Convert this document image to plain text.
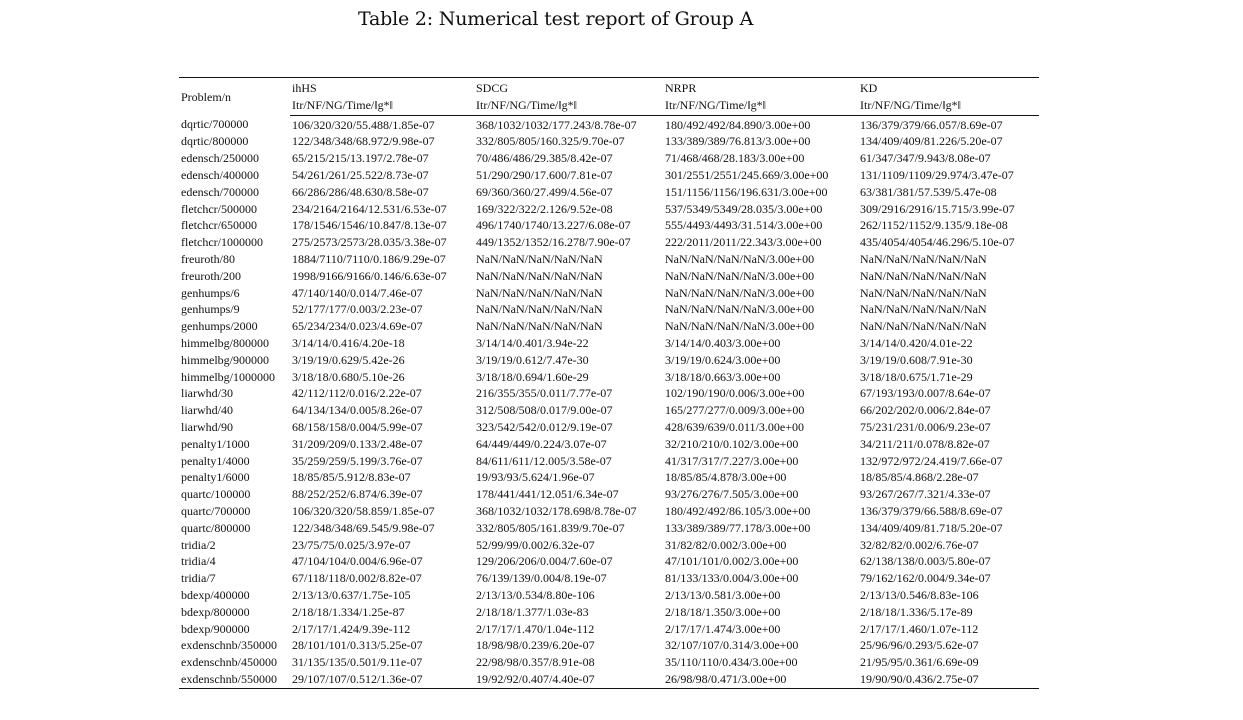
Table 2: Numerical test report of Group A
Problem/n	ihHS	SDCG	NRPR	KD
	Itr/NF/NG/Time/‖g*‖	Itr/NF/NG/Time/‖g*‖	Itr/NF/NG/Time/‖g*‖	Itr/NF/NG/Time/‖g*‖
dqrtic/700000	106/320/320/55.488/1.85e-07	368/1032/1032/177.243/8.78e-07	180/492/492/84.890/3.00e+00	136/379/379/66.057/8.69e-07
dqrtic/800000	122/348/348/68.972/9.98e-07	332/805/805/160.325/9.70e-07	133/389/389/76.813/3.00e+00	134/409/409/81.226/5.20e-07
edensch/250000	65/215/215/13.197/2.78e-07	70/486/486/29.385/8.42e-07	71/468/468/28.183/3.00e+00	61/347/347/9.943/8.08e-07
edensch/400000	54/261/261/25.522/8.73e-07	51/290/290/17.600/7.81e-07	301/2551/2551/245.669/3.00e+00	131/1109/1109/29.974/3.47e-07
edensch/700000	66/286/286/48.630/8.58e-07	69/360/360/27.499/4.56e-07	151/1156/1156/196.631/3.00e+00	63/381/381/57.539/5.47e-08
fletchcr/500000	234/2164/2164/12.531/6.53e-07	169/322/322/2.126/9.52e-08	537/5349/5349/28.035/3.00e+00	309/2916/2916/15.715/3.99e-07
fletchcr/650000	178/1546/1546/10.847/8.13e-07	496/1740/1740/13.227/6.08e-07	555/4493/4493/31.514/3.00e+00	262/1152/1152/9.135/9.18e-08
fletchcr/1000000	275/2573/2573/28.035/3.38e-07	449/1352/1352/16.278/7.90e-07	222/2011/2011/22.343/3.00e+00	435/4054/4054/46.296/5.10e-07
freuroth/80	1884/7110/7110/0.186/9.29e-07	NaN/NaN/NaN/NaN/NaN	NaN/NaN/NaN/NaN/3.00e+00	NaN/NaN/NaN/NaN/NaN
freuroth/200	1998/9166/9166/0.146/6.63e-07	NaN/NaN/NaN/NaN/NaN	NaN/NaN/NaN/NaN/3.00e+00	NaN/NaN/NaN/NaN/NaN
genhumps/6	47/140/140/0.014/7.46e-07	NaN/NaN/NaN/NaN/NaN	NaN/NaN/NaN/NaN/3.00e+00	NaN/NaN/NaN/NaN/NaN
genhumps/9	52/177/177/0.003/2.23e-07	NaN/NaN/NaN/NaN/NaN	NaN/NaN/NaN/NaN/3.00e+00	NaN/NaN/NaN/NaN/NaN
genhumps/2000	65/234/234/0.023/4.69e-07	NaN/NaN/NaN/NaN/NaN	NaN/NaN/NaN/NaN/3.00e+00	NaN/NaN/NaN/NaN/NaN
himmelbg/800000	3/14/14/0.416/4.20e-18	3/14/14/0.401/3.94e-22	3/14/14/0.403/3.00e+00	3/14/14/0.420/4.01e-22
himmelbg/900000	3/19/19/0.629/5.42e-26	3/19/19/0.612/7.47e-30	3/19/19/0.624/3.00e+00	3/19/19/0.608/7.91e-30
himmelbg/1000000	3/18/18/0.680/5.10e-26	3/18/18/0.694/1.60e-29	3/18/18/0.663/3.00e+00	3/18/18/0.675/1.71e-29
liarwhd/30	42/112/112/0.016/2.22e-07	216/355/355/0.011/7.77e-07	102/190/190/0.006/3.00e+00	67/193/193/0.007/8.64e-07
liarwhd/40	64/134/134/0.005/8.26e-07	312/508/508/0.017/9.00e-07	165/277/277/0.009/3.00e+00	66/202/202/0.006/2.84e-07
liarwhd/90	68/158/158/0.004/5.99e-07	323/542/542/0.012/9.19e-07	428/639/639/0.011/3.00e+00	75/231/231/0.006/9.23e-07
penalty1/1000	31/209/209/0.133/2.48e-07	64/449/449/0.224/3.07e-07	32/210/210/0.102/3.00e+00	34/211/211/0.078/8.82e-07
penalty1/4000	35/259/259/5.199/3.76e-07	84/611/611/12.005/3.58e-07	41/317/317/7.227/3.00e+00	132/972/972/24.419/7.66e-07
penalty1/6000	18/85/85/5.912/8.83e-07	19/93/93/5.624/1.96e-07	18/85/85/4.878/3.00e+00	18/85/85/4.868/2.28e-07
quartc/100000	88/252/252/6.874/6.39e-07	178/441/441/12.051/6.34e-07	93/276/276/7.505/3.00e+00	93/267/267/7.321/4.33e-07
quartc/700000	106/320/320/58.859/1.85e-07	368/1032/1032/178.698/8.78e-07	180/492/492/86.105/3.00e+00	136/379/379/66.588/8.69e-07
quartc/800000	122/348/348/69.545/9.98e-07	332/805/805/161.839/9.70e-07	133/389/389/77.178/3.00e+00	134/409/409/81.718/5.20e-07
tridia/2	23/75/75/0.025/3.97e-07	52/99/99/0.002/6.32e-07	31/82/82/0.002/3.00e+00	32/82/82/0.002/6.76e-07
tridia/4	47/104/104/0.004/6.96e-07	129/206/206/0.004/7.60e-07	47/101/101/0.002/3.00e+00	62/138/138/0.003/5.80e-07
tridia/7	67/118/118/0.002/8.82e-07	76/139/139/0.004/8.19e-07	81/133/133/0.004/3.00e+00	79/162/162/0.004/9.34e-07
bdexp/400000	2/13/13/0.637/1.75e-105	2/13/13/0.534/8.80e-106	2/13/13/0.581/3.00e+00	2/13/13/0.546/8.83e-106
bdexp/800000	2/18/18/1.334/1.25e-87	2/18/18/1.377/1.03e-83	2/18/18/1.350/3.00e+00	2/18/18/1.336/5.17e-89
bdexp/900000	2/17/17/1.424/9.39e-112	2/17/17/1.470/1.04e-112	2/17/17/1.474/3.00e+00	2/17/17/1.460/1.07e-112
exdenschnb/350000	28/101/101/0.313/5.25e-07	18/98/98/0.239/6.20e-07	32/107/107/0.314/3.00e+00	25/96/96/0.293/5.62e-07
exdenschnb/450000	31/135/135/0.501/9.11e-07	22/98/98/0.357/8.91e-08	35/110/110/0.434/3.00e+00	21/95/95/0.361/6.69e-09
exdenschnb/550000	29/107/107/0.512/1.36e-07	19/92/92/0.407/4.40e-07	26/98/98/0.471/3.00e+00	19/90/90/0.436/2.75e-07
